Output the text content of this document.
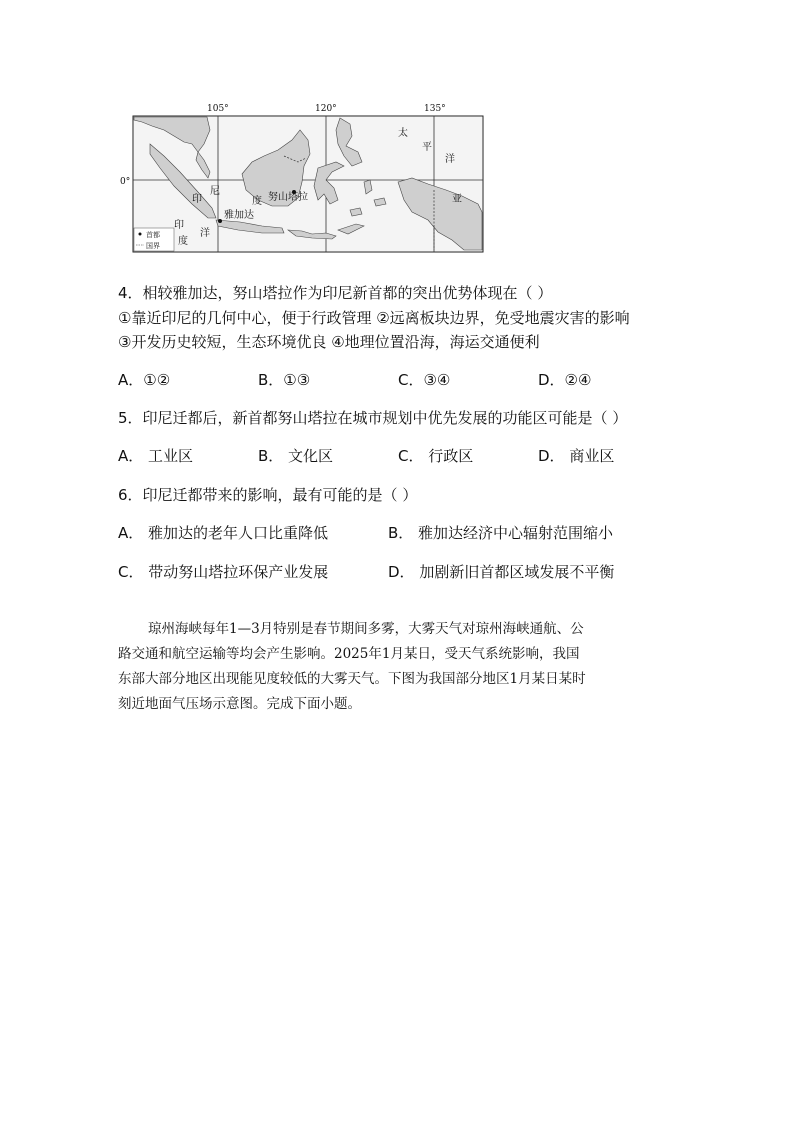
105°	120°	135°
0°
太
平
洋
印
印
度
洋
尼
度 努山塔拉
雅加达
亚
首都
国界
4．相较雅加达，努山塔拉作为印尼新首都的突出优势体现在（ ）
①靠近印尼的几何中心，便于行政管理 ②远离板块边界，免受地震灾害的影响
③开发历史较短，生态环境优良 ④地理位置沿海，海运交通便利
A．①②	B．①③	C．③④	D．②④
5．印尼迁都后，新首都努山塔拉在城市规划中优先发展的功能区可能是（ ）
A． 工业区	B． 文化区	C． 行政区	D． 商业区
6．印尼迁都带来的影响，最有可能的是（ ）
A． 雅加达的老年人口比重降低	B． 雅加达经济中心辐射范围缩小
C． 带动努山塔拉环保产业发展	D． 加剧新旧首都区域发展不平衡

琼州海峡每年1—3月特别是春节期间多雾，大雾天气对琼州海峡通航、公

路交通和航空运输等均会产生影响。2025年1月某日，受天气系统影响，我国

东部大部分地区出现能见度较低的大雾天气。下图为我国部分地区1月某日某时

刻近地面气压场示意图。完成下面小题。
